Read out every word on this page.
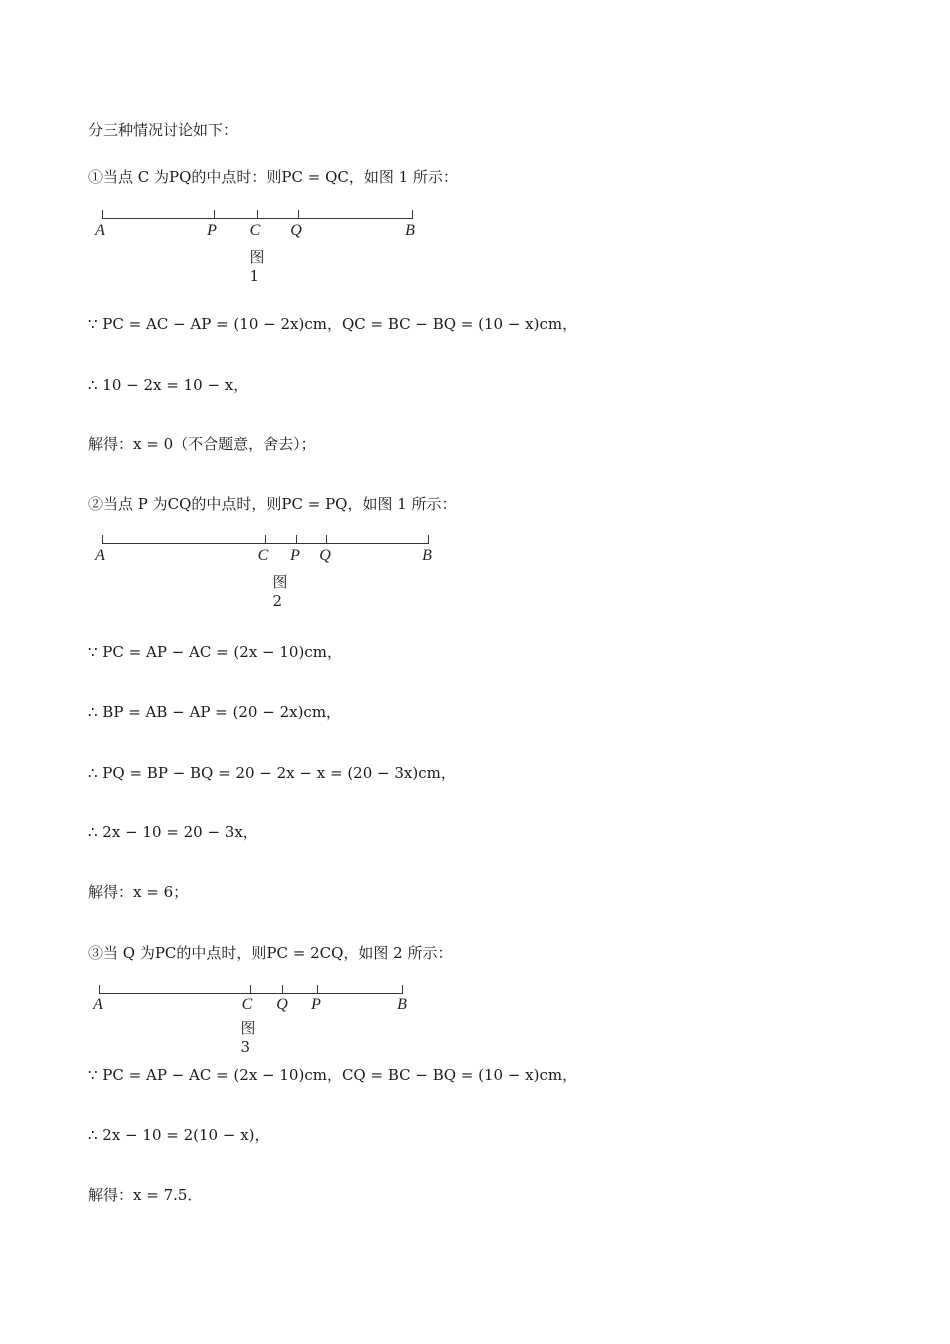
分三种情况讨论如下：
①当点 C 为PQ的中点时：则PC = QC，如图 1 所示：
A	P C Q	B
图1
∵ PC = AC − AP = (10 − 2x)cm，QC = BC − BQ = (10 − x)cm，
∴ 10 − 2x = 10 − x，
解得：x = 0（不合题意，舍去）；
②当点 P 为CQ的中点时，则PC = PQ，如图 1 所示：
A	C P Q	B
图2
∵ PC = AP − AC = (2x − 10)cm，
∴ BP = AB − AP = (20 − 2x)cm，
∴ PQ = BP − BQ = 20 − 2x − x = (20 − 3x)cm，
∴ 2x − 10 = 20 − 3x，
解得：x = 6；
③当 Q 为PC的中点时，则PC = 2CQ，如图 2 所示：
A	C Q P	B
图3
∵ PC = AP − AC = (2x − 10)cm，CQ = BC − BQ = (10 − x)cm，
∴ 2x − 10 = 2(10 − x)，
解得：x = 7.5．
